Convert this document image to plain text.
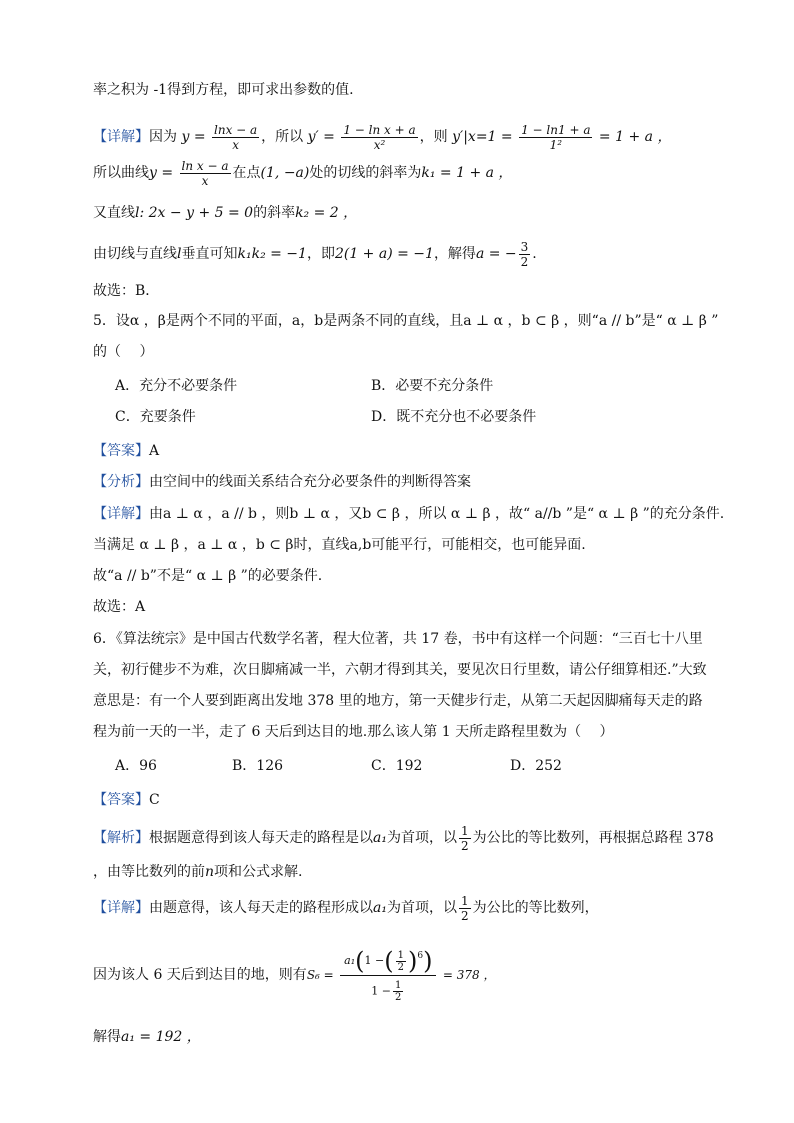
率之积为 -1得到方程，即可求出参数的值.
【详解】因为 $y = \frac{\ln x - a}{x}$ ，所以 $y' = \frac{\text{1 − ln x + a}}{\text{x²}}$ ，则 $y'|x=1 = \frac{1 - \ln 1 + a}{\text{1²}} = 1 + a$ ，
所以曲线$y = \frac{\text{ln x − a}}{x}$ 在点(1, −a)处的切线的斜率为k₁ = 1 + a ，
又直线l: 2x − y + 5 = 0的斜率k₂ = 2 ，
由切线与直线l垂直可知k₁k₂ = −1，即2(1 + a) = −1，解得a = − $\frac{3}{2}$ .
故选：B．
5．设α ，β是两个不同的平面，a，b是两条不同的直线，且a ⊥ α ，b ⊂ β ，则“a // b”是“ α ⊥ β ”
的（　 ）
A．充分不必要条件	B．必要不充分条件
C．充要条件	D．既不充分也不必要条件
【答案】A
【分析】由空间中的线面关系结合充分必要条件的判断得答案
【详解】由a ⊥ α ，a // b ，则b ⊥ α ，又b ⊂ β ，所以 α ⊥ β ，故“ a//b ”是“ α ⊥ β ”的充分条件.
当满足 α ⊥ β ，a ⊥ α ，b ⊂ β时，直线a,b可能平行，可能相交，也可能异面.
故“a // b”不是“ α ⊥ β ”的必要条件.
故选：A
6．《算法统宗》是中国古代数学名著，程大位著，共 17 卷，书中有这样一个问题：“三百七十八里
关，初行健步不为难，次日脚痛减一半，六朝才得到其关，要见次日行里数，请公仔细算相还.”大致
意思是：有一个人要到距离出发地 378 里的地方，第一天健步行走，从第二天起因脚痛每天走的路
程为前一天的一半，走了 6 天后到达目的地.那么该人第 1 天所走路程里数为（　 ）
A．96	B．126	C．192	D．252
【答案】C
【解析】根据题意得到该人每天走的路程是以a₁为首项，以 $\frac{1}{2}$ 为公比的等比数列，再根据总路程 378
，由等比数列的前n项和公式求解.
【详解】由题意得，该人每天走的路程形成以a₁为首项，以 $\frac{1}{2}$ 为公比的等比数列，
因为该人 6 天后到达目的地，则有$S_6 = \frac{a_1(1 -( \frac{1}{2} )^6)}{1 - \frac{1}{2}} = 378$ ，
解得a₁ = 192 ，
